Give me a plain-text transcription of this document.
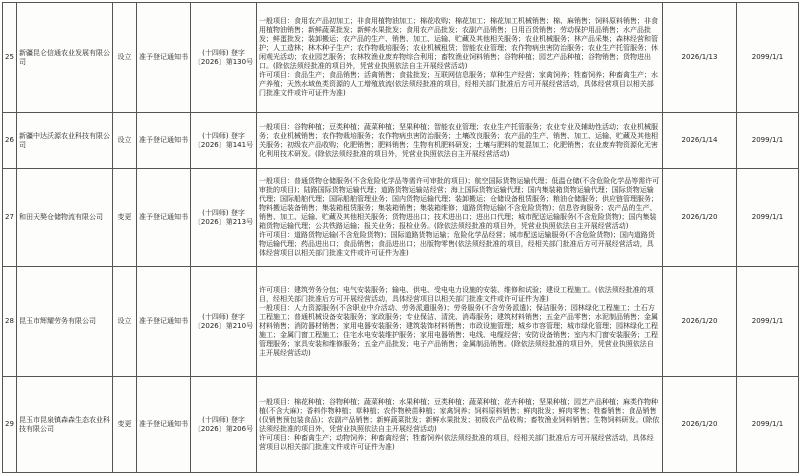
25	新疆昆仑信通农业发展有限公司	设立	准予登记通知书	(十四师) 登字〔2026〕第130号	一般项目：食用农产品初加工；非食用植物油加工；棉花收购；棉花加工；棉花加工机械销售；棉、麻销售；饲料原料销售；非食用植物油销售；新鲜蔬菜批发；新鲜水果批发；食用农产品批发；农副产品销售；日用百货销售；劳动保护用品销售；水产品批发；鲜蛋批发；装卸搬运；农产品的生产、销售、加工、运输、贮藏及其他相关服务；农业机械服务；林产品采集；森林经营和管护；人工造林；林木种子生产；农作物栽培服务；农业机械租赁；智能农业管理；农作物病虫害防治服务；农业生产托管服务；休闲观光活动；农业园艺服务；农林牧渔业废弃物综合利用；畜牧渔业饲料销售；谷物种植；园艺产品种植；谷物销售；货物进出口。(除依法须经批准的项目外，凭营业执照依法自主开展经营活动)

许可项目：食品生产；食品销售；活禽销售；食盐批发；互联网信息服务；草种生产经营；家禽饲养；牲畜饲养；种畜禽生产；水产养殖；天然水域鱼类资源的人工增殖放流(依法须经批准的项目，经相关部门批准后方可开展经营活动，具体经营项目以相关部门批准文件或许可证件为准)	2026/1/13	2099/1/1
26	新疆中达沃源农业科技有限公司	设立	准予登记通知书	(十四师) 登字〔2026〕第141号	一般项目：谷物种植；豆类种植；蔬菜种植；坚果种植；智能农业管理；农业生产托管服务；农业专业及辅助性活动；农业机械服务；农业机械销售；农作物栽培服务；农作物病虫害防治服务；土壤改良服务；农产品的生产、销售、加工、运输、贮藏及其他相关服务；初级农产品收购；化肥销售；肥料销售；生物有机肥料研发；土壤与肥料的复混加工；化肥销售；农业废弃物资源化无害化利用技术研发。(除依法须经批准的项目外，凭营业执照依法自主开展经营活动)	2026/1/14	2099/1/1
27	和田天獒仓储物流有限公司	变更	准予登记通知书	(十四师) 登字〔2026〕第213号	一般项目：普通货物仓储服务(不含危险化学品等需许可审批的项目)；航空国际货物运输代理；低温仓储(不含危险化学品等需许可审批的项目)；陆路国际货物运输代理；道路货物运输站经营；海上国际货物运输代理；国内集装箱货物运输代理；国际货物运输代理；国际船舶代理；国际船舶管理业务；国内货物运输代理；装卸搬运；仓储设备租赁服务；粮油仓储服务；供应链管理服务；物料搬运装备销售；集装箱租赁服务；集装箱销售；集装箱维修；道路货物运输(不含危险货物)；信息咨询服务；农产品的生产、销售、加工、运输、贮藏及其他相关服务；货物进出口；技术进出口；进出口代理；城市配送运输服务(不含危险货物)；国内集装箱货物运输代理；公共铁路运输；报关业务；报检业务。(除依法须经批准的项目外，凭营业执照依法自主开展经营活动)

许可项目：道路货物运输(不含危险货物)；国际道路货物运输；危险化学品经营；城市配送运输服务(不含危险货物)；国内道路货物运输代理；药品进出口；食品销售；食品进出口；出版物零售(依法须经批准的项目，经相关部门批准后方可开展经营活动，具体经营项目以相关部门批准文件或许可证件为准)	2026/1/20	2099/1/1
28	昆玉市辉耀劳务有限公司	设立	准予登记通知书	(十四师) 登字〔2026〕第210号	许可项目：建筑劳务分包；电气安装服务；输电、供电、受电电力设施的安装、维修和试验；建设工程施工。(依法须经批准的项目，经相关部门批准后方可开展经营活动，具体经营项目以相关部门批准文件或许可证件为准)

一般项目：人力资源服务(不含职业中介活动、劳务派遣服务)；劳务服务(不含劳务派遣)；保洁服务；园林绿化工程施工；土石方工程施工；普通机械设备安装服务；家政服务；专业保洁、清洗、消毒服务；建筑材料销售；五金产品零售；水泥制品销售；金属材料销售；消防器材销售；家用电器安装服务；建筑装饰材料销售；市政设施管理；城乡市容管理；城市绿化管理；园林绿化工程施工；金属门窗工程施工；住宅水电安装维护服务；家用电器销售；电线、电缆经营；安防设备销售；室内木门窗安装服务；工程管理服务；家具安装和维修服务；五金产品批发；电子产品销售；金属制品销售。(除依法须经批准的项目外，凭营业执照依法自主开展经营活动)	2026/1/20	2099/1/1
29	昆玉市昆泉镇森森生态农业科技有限公司	变更	准予登记通知书	(十四师) 登字〔2026〕第206号	一般项目：棉花种植；谷物种植；蔬菜种植；水果种植；豆类种植；蔬菜种植；花卉种植；坚果种植；园艺产品种植；麻类作物种植(不含大麻)；香料作物种植；草种植；农作物秧苗种植；家禽饲养；饲料原料销售；鲜肉批发；鲜肉零售；牲畜销售；食品销售(仅销售预包装食品)；农副产品销售；新鲜蔬菜批发；新鲜水果批发；初级农产品收购；畜牧渔业饲料销售；生物饲料研发。(除依法须经批准的项目外，凭营业执照依法自主开展经营活动)

许可项目：种畜禽生产；动物饲养；种畜禽经营；牲畜饲养(依法须经批准的项目，经相关部门批准后方可开展经营活动，具体经营项目以相关部门批准文件或许可证件为准)	2026/1/20	2099/1/1
